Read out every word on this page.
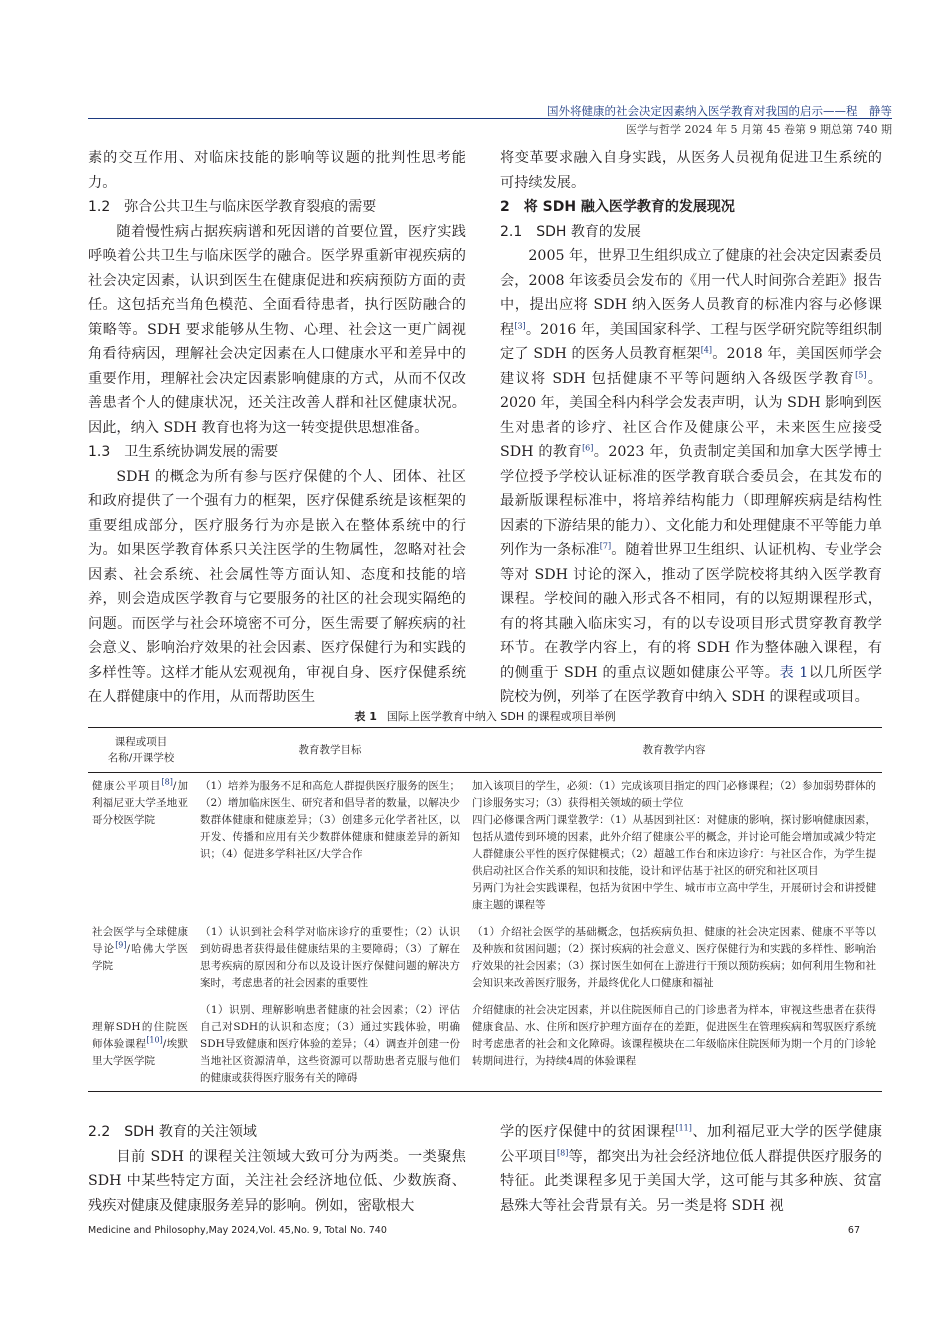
国外将健康的社会决定因素纳入医学教育对我国的启示——程　静等
医学与哲学 2024 年 5 月第 45 卷第 9 期总第 740 期

素的交互作用、对临床技能的影响等议题的批判性思考能力。

1.2　弥合公共卫生与临床医学教育裂痕的需要

随着慢性病占据疾病谱和死因谱的首要位置，医疗实践呼唤着公共卫生与临床医学的融合。医学界重新审视疾病的社会决定因素，认识到医生在健康促进和疾病预防方面的责任。这包括充当角色模范、全面看待患者，执行医防融合的策略等。SDH 要求能够从生物、心理、社会这一更广阔视角看待病因，理解社会决定因素在人口健康水平和差异中的重要作用，理解社会决定因素影响健康的方式，从而不仅改善患者个人的健康状况，还关注改善人群和社区健康状况。因此，纳入 SDH 教育也将为这一转变提供思想准备。

1.3　卫生系统协调发展的需要

SDH 的概念为所有参与医疗保健的个人、团体、社区和政府提供了一个强有力的框架，医疗保健系统是该框架的重要组成部分，医疗服务行为亦是嵌入在整体系统中的行为。如果医学教育体系只关注医学的生物属性，忽略对社会因素、社会系统、社会属性等方面认知、态度和技能的培养，则会造成医学教育与它要服务的社区的社会现实隔绝的问题。而医学与社会环境密不可分，医生需要了解疾病的社会意义、影响治疗效果的社会因素、医疗保健行为和实践的多样性等。这样才能从宏观视角，审视自身、医疗保健系统在人群健康中的作用，从而帮助医生

将变革要求融入自身实践，从医务人员视角促进卫生系统的可持续发展。

2　将 SDH 融入医学教育的发展现况

2.1　SDH 教育的发展

2005 年，世界卫生组织成立了健康的社会决定因素委员会，2008 年该委员会发布的《用一代人时间弥合差距》报告中，提出应将 SDH 纳入医务人员教育的标准内容与必修课程[3]。2016 年，美国国家科学、工程与医学研究院等组织制定了 SDH 的医务人员教育框架[4]。2018 年，美国医师学会建议将 SDH 包括健康不平等问题纳入各级医学教育[5]。2020 年，美国全科内科学会发表声明，认为 SDH 影响到医生对患者的诊疗、社区合作及健康公平，未来医生应接受 SDH 的教育[6]。2023 年，负责制定美国和加拿大医学博士学位授予学校认证标准的医学教育联合委员会，在其发布的最新版课程标准中，将培养结构能力（即理解疾病是结构性因素的下游结果的能力）、文化能力和处理健康不平等能力单列作为一条标准[7]。随着世界卫生组织、认证机构、专业学会等对 SDH 讨论的深入，推动了医学院校将其纳入医学教育课程。学校间的融入形式各不相同，有的以短期课程形式，有的将其融入临床实习，有的以专设项目形式贯穿教育教学环节。在教学内容上，有的将 SDH 作为整体融入课程，有的侧重于 SDH 的重点议题如健康公平等。表 1以几所医学院校为例，列举了在医学教育中纳入 SDH 的课程或项目。

表 1 国际上医学教育中纳入 SDH 的课程或项目举例
课程或项目
名称/开课学校	教育教学目标	教育教学内容
健康公平项目[8]/加利福尼亚大学圣地亚哥分校医学院	（1）培养为服务不足和高危人群提供医疗服务的医生；（2）增加临床医生、研究者和倡导者的数量，以解决少数群体健康和健康差异；（3）创建多元化学者社区，以开发、传播和应用有关少数群体健康和健康差异的新知识；（4）促进多学科社区/大学合作	加入该项目的学生，必须：（1）完成该项目指定的四门必修课程；（2）参加弱势群体的门诊服务实习；（3）获得相关领域的硕士学位
四门必修课含两门课堂教学：（1）从基因到社区：对健康的影响，探讨影响健康因素，包括从遗传到环境的因素，此外介绍了健康公平的概念，并讨论可能会增加或减少特定人群健康公平性的医疗保健模式；（2）超越工作台和床边诊疗：与社区合作，为学生提供启动社区合作关系的知识和技能，设计和评估基于社区的研究和社区项目
另两门为社会实践课程，包括为贫困中学生、城市市立高中学生，开展研讨会和讲授健康主题的课程等

社会医学与全球健康导论[9]/哈佛大学医学院	（1）认识到社会科学对临床诊疗的重要性；（2）认识到妨碍患者获得最佳健康结果的主要障碍；（3）了解在思考疾病的原因和分布以及设计医疗保健问题的解决方案时，考虑患者的社会因素的重要性	（1）介绍社会医学的基础概念，包括疾病负担、健康的社会决定因素、健康不平等以及种族和贫困问题；（2）探讨疾病的社会意义、医疗保健行为和实践的多样性、影响治疗效果的社会因素；（3）探讨医生如何在上游进行干预以预防疾病；如何利用生物和社会知识来改善医疗服务，并最终优化人口健康和福祉
理解SDH的住院医师体验课程[10]/埃默里大学医学院	（1）识别、理解影响患者健康的社会因素；（2）评估自己对SDH的认识和态度；（3）通过实践体验，明确SDH导致健康和医疗体验的差异；（4）调查并创建一份当地社区资源清单，这些资源可以帮助患者克服与他们的健康或获得医疗服务有关的障碍	介绍健康的社会决定因素，并以住院医师自己的门诊患者为样本，审视这些患者在获得健康食品、水、住所和医疗护理方面存在的差距，促进医生在管理疾病和驾驭医疗系统时考虑患者的社会和文化障碍。该课程模块在二年级临床住院医师为期一个月的门诊轮转期间进行，为持续4周的体验课程

2.2　SDH 教育的关注领域

目前 SDH 的课程关注领域大致可分为两类。一类聚焦 SDH 中某些特定方面，关注社会经济地位低、少数族裔、残疾对健康及健康服务差异的影响。例如，密歇根大

学的医疗保健中的贫困课程[11]、加利福尼亚大学的医学健康公平项目[8]等，都突出为社会经济地位低人群提供医疗服务的特征。此类课程多见于美国大学，这可能与其多种族、贫富悬殊大等社会背景有关。另一类是将 SDH 视

Medicine and Philosophy,May 2024,Vol. 45,No. 9, Total No. 740	67
